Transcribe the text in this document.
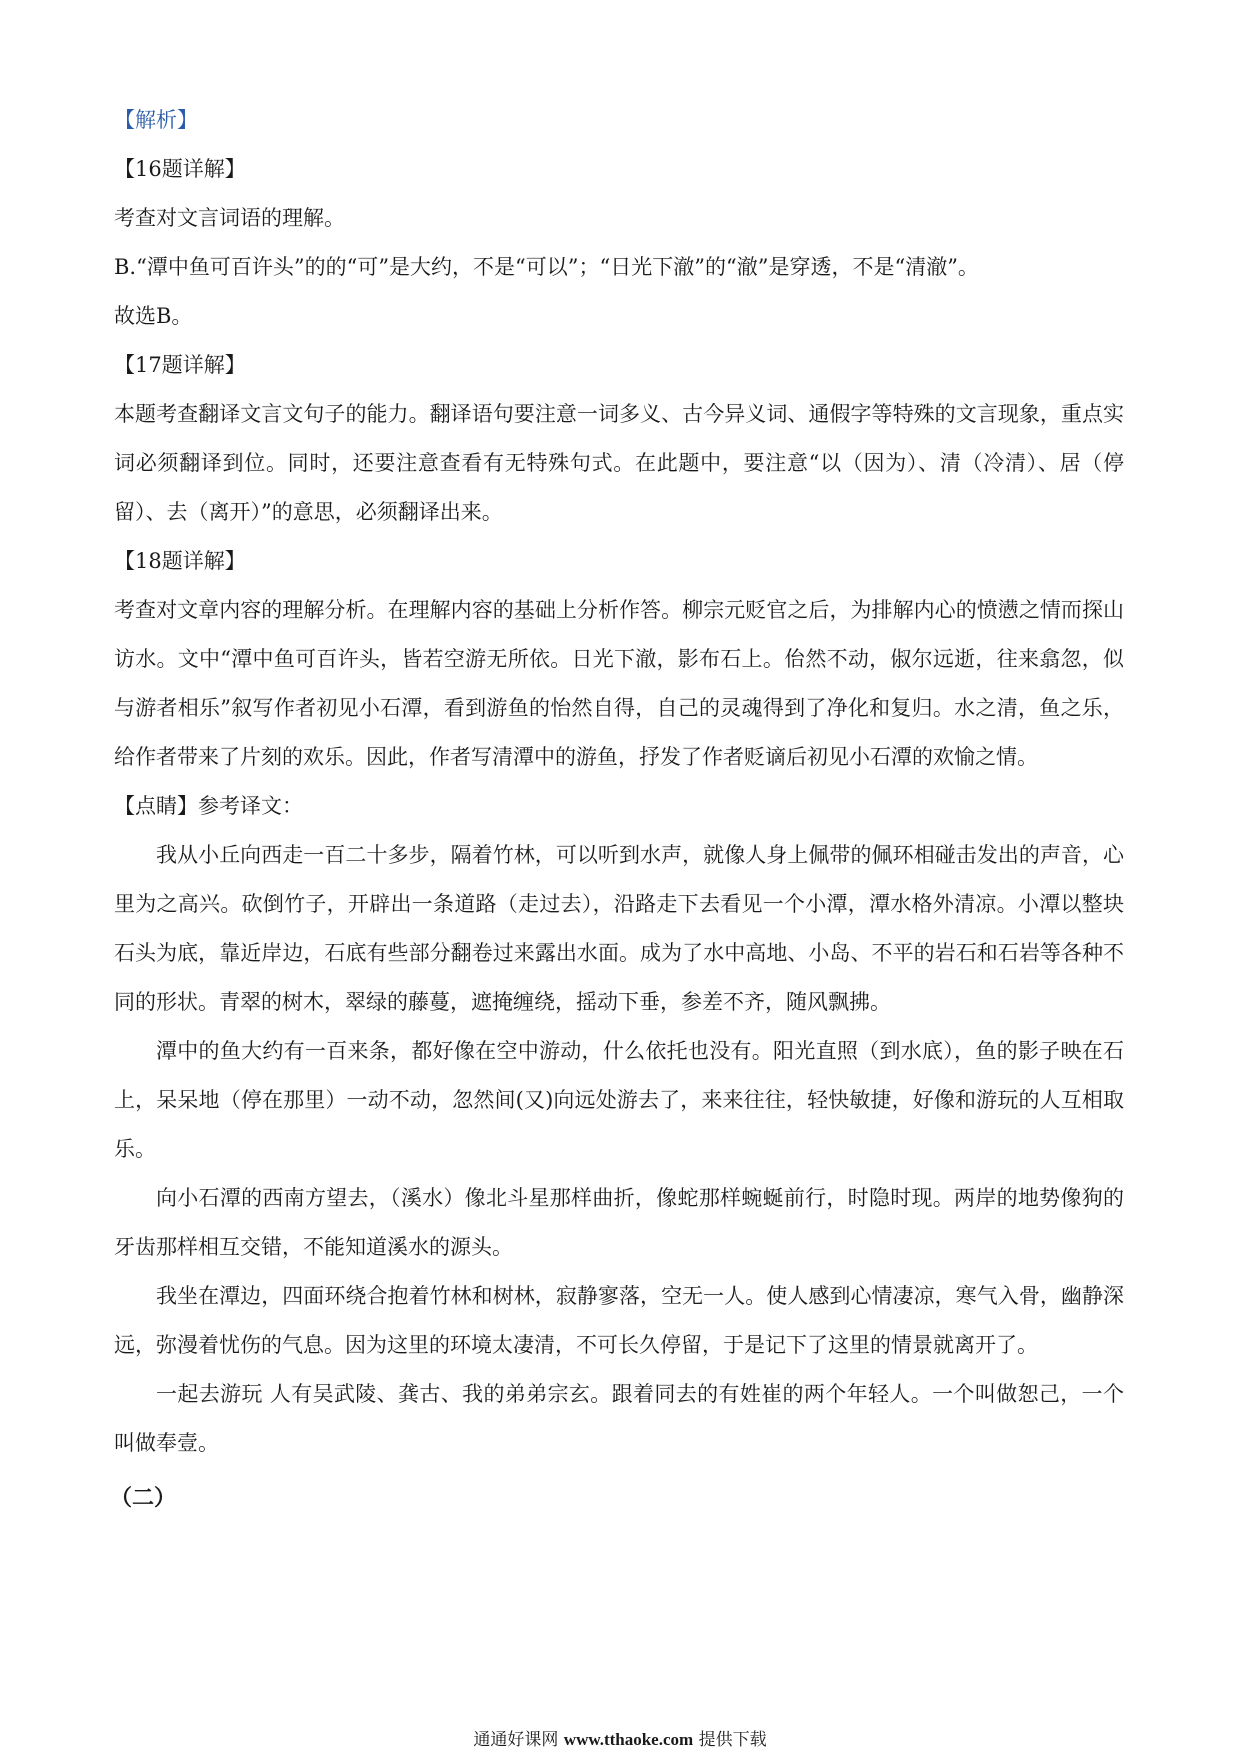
【解析】

【16题详解】

考查对文言词语的理解。

B.“潭中鱼可百许头”的的“可”是大约，不是“可以”；“日光下澈”的“澈”是穿透，不是“清澈”。

故选B。

【17题详解】

本题考查翻译文言文句子的能力。翻译语句要注意一词多义、古今异义词、通假字等特殊的文言现象，重点实词必须翻译到位。同时，还要注意查看有无特殊句式。在此题中，要注意“以（因为）、清（冷清）、居（停留）、去（离开）”的意思，必须翻译出来。

【18题详解】

考查对文章内容的理解分析。在理解内容的基础上分析作答。柳宗元贬官之后，为排解内心的愤懑之情而探山访水。文中“潭中鱼可百许头，皆若空游无所依。日光下澈，影布石上。佁然不动，俶尔远逝，往来翕忽，似与游者相乐”叙写作者初见小石潭，看到游鱼的怡然自得，自己的灵魂得到了净化和复归。水之清，鱼之乐，给作者带来了片刻的欢乐。因此，作者写清潭中的游鱼，抒发了作者贬谪后初见小石潭的欢愉之情。

【点睛】参考译文：

我从小丘向西走一百二十多步，隔着竹林，可以听到水声，就像人身上佩带的佩环相碰击发出的声音，心里为之高兴。砍倒竹子，开辟出一条道路（走过去），沿路走下去看见一个小潭，潭水格外清凉。小潭以整块石头为底，靠近岸边，石底有些部分翻卷过来露出水面。成为了水中高地、小岛、不平的岩石和石岩等各种不同的形状。青翠的树木，翠绿的藤蔓，遮掩缠绕，摇动下垂，参差不齐，随风飘拂。

潭中的鱼大约有一百来条，都好像在空中游动，什么依托也没有。阳光直照（到水底），鱼的影子映在石上，呆呆地（停在那里）一动不动，忽然间(又)向远处游去了，来来往往，轻快敏捷，好像和游玩的人互相取乐。

向小石潭的西南方望去，（溪水）像北斗星那样曲折，像蛇那样蜿蜒前行，时隐时现。两岸的地势像狗的牙齿那样相互交错，不能知道溪水的源头。

我坐在潭边，四面环绕合抱着竹林和树林，寂静寥落，空无一人。使人感到心情凄凉，寒气入骨，幽静深远，弥漫着忧伤的气息。因为这里的环境太凄清，不可长久停留，于是记下了这里的情景就离开了。

一起去游玩 人有吴武陵、龚古、我的弟弟宗玄。跟着同去的有姓崔的两个年轻人。一个叫做恕己，一个叫做奉壹。

（二）

通通好课网 www.tthaoke.com 提供下载
